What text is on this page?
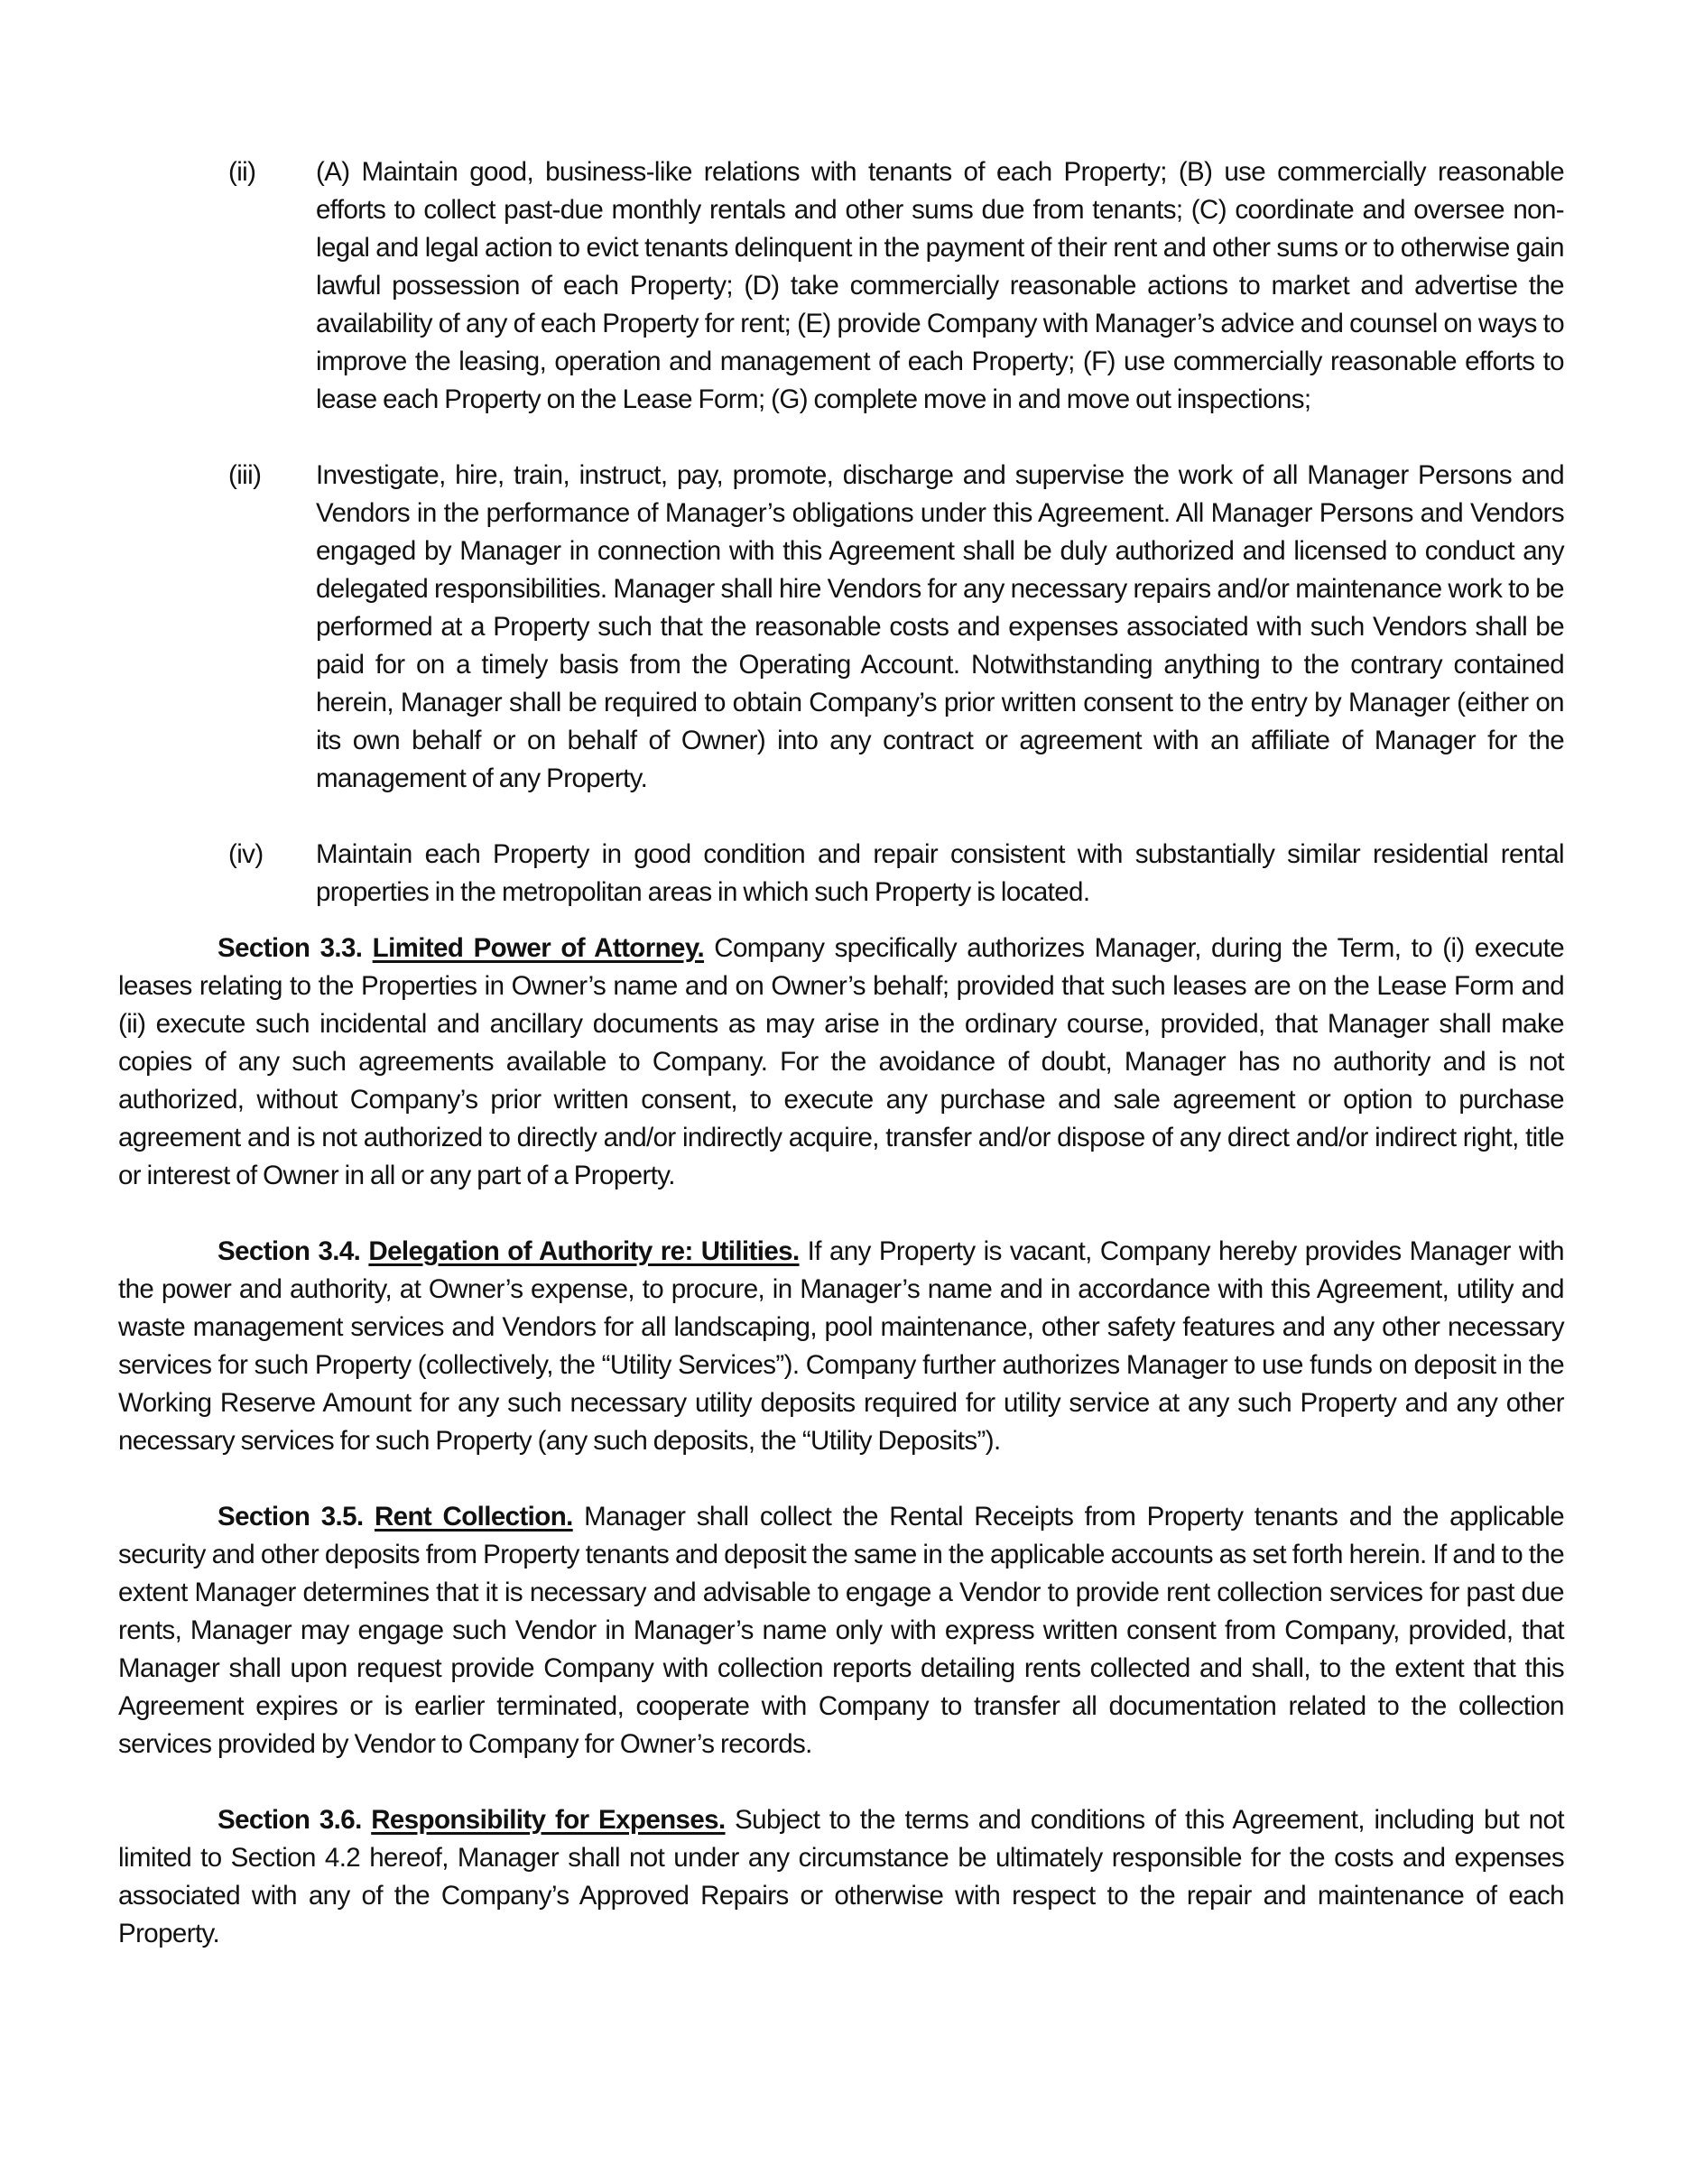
(ii)	(A) Maintain good, business-like relations with tenants of each Property; (B) use commercially reasonable efforts to collect past-due monthly rentals and other sums due from tenants; (C) coordinate and oversee non-legal and legal action to evict tenants delinquent in the payment of their rent and other sums or to otherwise gain lawful possession of each Property; (D) take commercially reasonable actions to market and advertise the availability of any of each Property for rent; (E) provide Company with Manager’s advice and counsel on ways to improve the leasing, operation and management of each Property; (F) use commercially reasonable efforts to lease each Property on the Lease Form; (G) complete move in and move out inspections;
(iii)	Investigate, hire, train, instruct, pay, promote, discharge and supervise the work of all Manager Persons and Vendors in the performance of Manager’s obligations under this Agreement. All Manager Persons and Vendors engaged by Manager in connection with this Agreement shall be duly authorized and licensed to conduct any delegated responsibilities. Manager shall hire Vendors for any necessary repairs and/or maintenance work to be performed at a Property such that the reasonable costs and expenses associated with such Vendors shall be paid for on a timely basis from the Operating Account. Notwithstanding anything to the contrary contained herein, Manager shall be required to obtain Company’s prior written consent to the entry by Manager (either on its own behalf or on behalf of Owner) into any contract or agreement with an affiliate of Manager for the management of any Property.
(iv)	Maintain each Property in good condition and repair consistent with substantially similar residential rental properties in the metropolitan areas in which such Property is located.

Section 3.3. Limited Power of Attorney. Company specifically authorizes Manager, during the Term, to (i) execute leases relating to the Properties in Owner’s name and on Owner’s behalf; provided that such leases are on the Lease Form and (ii) execute such incidental and ancillary documents as may arise in the ordinary course, provided, that Manager shall make copies of any such agreements available to Company. For the avoidance of doubt, Manager has no authority and is not authorized, without Company’s prior written consent, to execute any purchase and sale agreement or option to purchase agreement and is not authorized to directly and/or indirectly acquire, transfer and/or dispose of any direct and/or indirect right, title or interest of Owner in all or any part of a Property.

Section 3.4. Delegation of Authority re: Utilities. If any Property is vacant, Company hereby provides Manager with the power and authority, at Owner’s expense, to procure, in Manager’s name and in accordance with this Agreement, utility and waste management services and Vendors for all landscaping, pool maintenance, other safety features and any other necessary services for such Property (collectively, the “Utility Services”). Company further authorizes Manager to use funds on deposit in the Working Reserve Amount for any such necessary utility deposits required for utility service at any such Property and any other necessary services for such Property (any such deposits, the “Utility Deposits”).

Section 3.5. Rent Collection. Manager shall collect the Rental Receipts from Property tenants and the applicable security and other deposits from Property tenants and deposit the same in the applicable accounts as set forth herein. If and to the extent Manager determines that it is necessary and advisable to engage a Vendor to provide rent collection services for past due rents, Manager may engage such Vendor in Manager’s name only with express written consent from Company, provided, that Manager shall upon request provide Company with collection reports detailing rents collected and shall, to the extent that this Agreement expires or is earlier terminated, cooperate with Company to transfer all documentation related to the collection services provided by Vendor to Company for Owner’s records.

Section 3.6. Responsibility for Expenses. Subject to the terms and conditions of this Agreement, including but not limited to Section 4.2 hereof, Manager shall not under any circumstance be ultimately responsible for the costs and expenses associated with any of the Company’s Approved Repairs or otherwise with respect to the repair and maintenance of each Property.
